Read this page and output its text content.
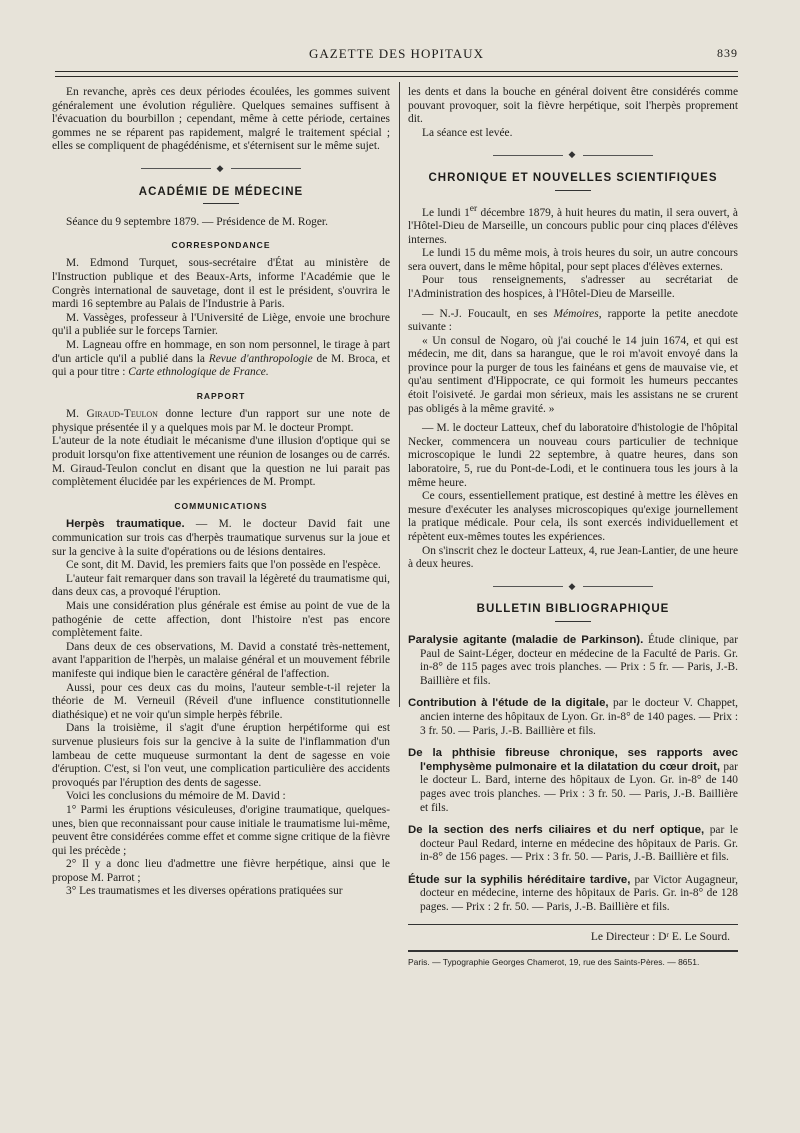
GAZETTE DES HOPITAUX	839

En revanche, après ces deux périodes écoulées, les gommes suivent généralement une évolution régulière. Quelques semaines suffisent à l'évacuation du bourbillon ; cependant, même à cette période, certaines gommes ne se réparent pas rapidement, malgré le traitement spécial ; elles se compliquent de phagédénisme, et s'éternisent sur le même sujet.

◆
ACADÉMIE DE MÉDECINE

Séance du 9 septembre 1879. — Présidence de M. Roger.

CORRESPONDANCE

M. Edmond Turquet, sous-secrétaire d'État au ministère de l'Instruction publique et des Beaux-Arts, informe l'Académie que le Congrès international de sauvetage, dont il est le président, s'ouvrira le mardi 16 septembre au Palais de l'Industrie à Paris.

M. Vassèges, professeur à l'Université de Liège, envoie une brochure qu'il a publiée sur le forceps Tarnier.

M. Lagneau offre en hommage, en son nom personnel, le tirage à part d'un article qu'il a publié dans la Revue d'anthropologie de M. Broca, et qui a pour titre : Carte ethnologique de France.

RAPPORT

M. Giraud-Teulon donne lecture d'un rapport sur une note de physique présentée il y a quelques mois par M. le docteur Prompt.

L'auteur de la note étudiait le mécanisme d'une illusion d'optique qui se produit lorsqu'on fixe attentivement une réunion de losanges ou de carrés. M. Giraud-Teulon conclut en disant que la question ne lui parait pas complètement élucidée par les expériences de M. Prompt.

COMMUNICATIONS

Herpès traumatique. — M. le docteur David fait une communication sur trois cas d'herpès traumatique survenus sur la joue et sur la gencive à la suite d'opérations ou de lésions dentaires.

Ce sont, dit M. David, les premiers faits que l'on possède en l'espèce.

L'auteur fait remarquer dans son travail la légèreté du traumatisme qui, dans deux cas, a provoqué l'éruption.

Mais une considération plus générale est émise au point de vue de la pathogénie de cette affection, dont l'histoire n'est pas encore complètement faite.

Dans deux de ces observations, M. David a constaté très-nettement, avant l'apparition de l'herpès, un malaise général et un mouvement fébrile manifeste qui indique bien le caractère général de l'affection.

Aussi, pour ces deux cas du moins, l'auteur semble-t-il rejeter la théorie de M. Verneuil (Réveil d'une influence constitutionnelle diathésique) et ne voir qu'un simple herpès fébrile.

Dans la troisième, il s'agit d'une éruption herpétiforme qui est survenue plusieurs fois sur la gencive à la suite de l'inflammation d'un lambeau de cette muqueuse surmontant la dent de sagesse en voie d'éruption. C'est, si l'on veut, une complication particulière des accidents provoqués par l'éruption des dents de sagesse.

Voici les conclusions du mémoire de M. David :

1° Parmi les éruptions vésiculeuses, d'origine traumatique, quelques-unes, bien que reconnaissant pour cause initiale le traumatisme lui-même, peuvent être considérées comme effet et comme signe critique de la fièvre qui les précède ;

2° Il y a donc lieu d'admettre une fièvre herpétique, ainsi que le propose M. Parrot ;

3° Les traumatismes et les diverses opérations pratiquées sur

les dents et dans la bouche en général doivent être considérés comme pouvant provoquer, soit la fièvre herpétique, soit l'herpès proprement dit.

La séance est levée.

◆
CHRONIQUE ET NOUVELLES SCIENTIFIQUES

Le lundi 1er décembre 1879, à huit heures du matin, il sera ouvert, à l'Hôtel-Dieu de Marseille, un concours public pour cinq places d'élèves internes.

Le lundi 15 du même mois, à trois heures du soir, un autre concours sera ouvert, dans le même hôpital, pour sept places d'élèves externes.

Pour tous renseignements, s'adresser au secrétariat de l'Administration des hospices, à l'Hôtel-Dieu de Marseille.

— N.-J. Foucault, en ses Mémoires, rapporte la petite anecdote suivante :

« Un consul de Nogaro, où j'ai couché le 14 juin 1674, et qui est médecin, me dit, dans sa harangue, que le roi m'avoit envoyé dans la province pour la purger de tous les fainéans et gens de mauvaise vie, et qu'au sentiment d'Hippocrate, ce qui formoit les humeurs peccantes étoit l'oisiveté. Je gardai mon sérieux, mais les assistans ne se crurent pas obligés à la même gravité. »

— M. le docteur Latteux, chef du laboratoire d'histologie de l'hôpital Necker, commencera un nouveau cours particulier de technique microscopique le lundi 22 septembre, à quatre heures, dans son laboratoire, 5, rue du Pont-de-Lodi, et le continuera tous les jours à la même heure.

Ce cours, essentiellement pratique, est destiné à mettre les élèves en mesure d'exécuter les analyses microscopiques qu'exige journellement la pratique médicale. Pour cela, ils sont exercés individuellement et répètent eux-mêmes toutes les expériences.

On s'inscrit chez le docteur Latteux, 4, rue Jean-Lantier, de une heure à deux heures.

◆
BULLETIN BIBLIOGRAPHIQUE

Paralysie agitante (maladie de Parkinson). Étude clinique, par Paul de Saint-Léger, docteur en médecine de la Faculté de Paris. Gr. in-8° de 115 pages avec trois planches. — Prix : 5 fr. — Paris, J.-B. Baillière et fils.

Contribution à l'étude de la digitale, par le docteur V. Chappet, ancien interne des hôpitaux de Lyon. Gr. in-8° de 140 pages. — Prix : 3 fr. 50. — Paris, J.-B. Baillière et fils.

De la phthisie fibreuse chronique, ses rapports avec l'emphysème pulmonaire et la dilatation du cœur droit, par le docteur L. Bard, interne des hôpitaux de Lyon. Gr. in-8° de 140 pages avec trois planches. — Prix : 3 fr. 50. — Paris, J.-B. Baillière et fils.

De la section des nerfs ciliaires et du nerf optique, par le docteur Paul Redard, interne en médecine des hôpitaux de Paris. Gr. in-8° de 156 pages. — Prix : 3 fr. 50. — Paris, J.-B. Baillière et fils.

Étude sur la syphilis héréditaire tardive, par Victor Augagneur, docteur en médecine, interne des hôpitaux de Paris. Gr. in-8° de 128 pages. — Prix : 2 fr. 50. — Paris, J.-B. Baillière et fils.

Le Directeur : Dʳ E. Le Sourd.
Paris. — Typographie Georges Chamerot, 19, rue des Saints-Pères. — 8651.
